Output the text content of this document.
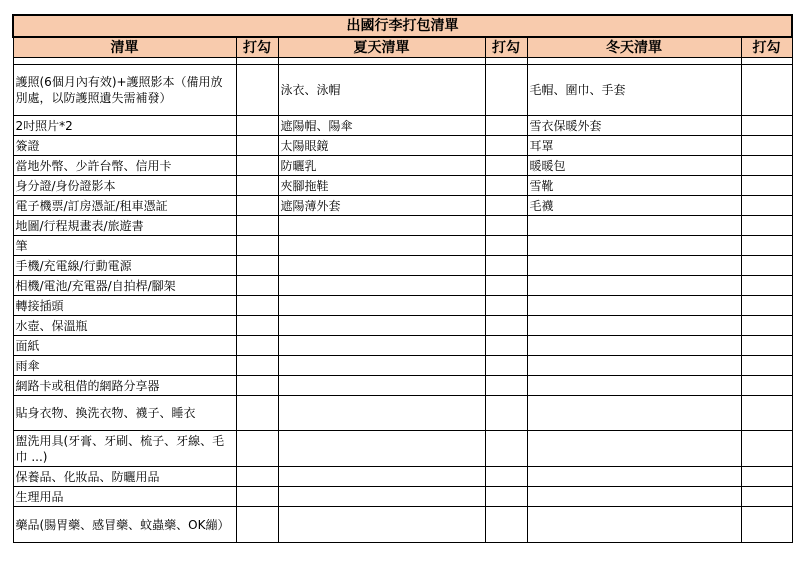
出國行李打包清單					
清單	打勾	夏天清單	打勾	冬天清單	打勾

護照(6個月內有效)+護照影本（備用放別處，以防護照遺失需補發）		泳衣、泳帽		毛帽、圍巾、手套	
2吋照片*2		遮陽帽、陽傘		雪衣保暖外套	
簽證		太陽眼鏡		耳罩	
當地外幣、少許台幣、信用卡		防曬乳		暖暖包	
身分證/身份證影本		夾腳拖鞋		雪靴	
電子機票/訂房憑証/租車憑証		遮陽薄外套		毛襪	
地圖/行程規畫表/旅遊書					
筆					
手機/充電線/行動電源					
相機/電池/充電器/自拍桿/腳架					
轉接插頭					
水壺、保溫瓶					
面紙					
雨傘					
網路卡或租借的網路分享器					
貼身衣物、換洗衣物、襪子、睡衣					
盥洗用具(牙膏、牙刷、梳子、牙線、毛巾 ...)					
保養品、化妝品、防曬用品					
生理用品					
藥品(腸胃藥、感冒藥、蚊蟲藥、OK繃）					
